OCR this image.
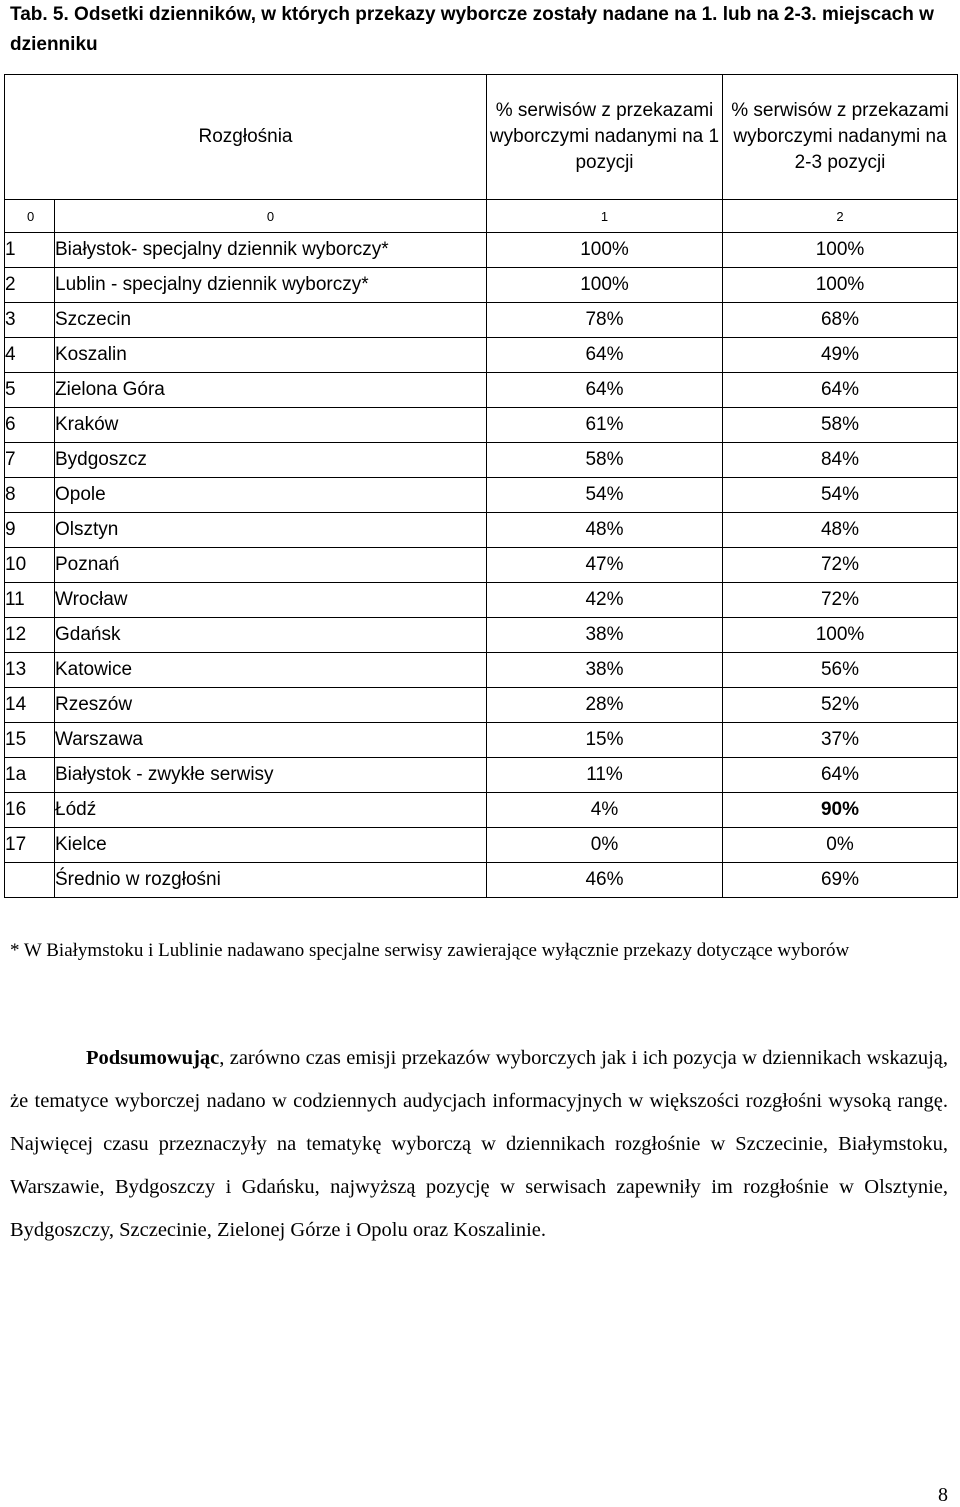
Tab. 5. Odsetki dzienników, w których przekazy wyborcze zostały nadane na 1. lub na 2-3. miejscach w dzienniku

Rozgłośnia		% serwisów z przekazami wyborczymi nadanymi na 1 pozycji	% serwisów z przekazami wyborczymi nadanymi na 2-3 pozycji
0	0	1	2
1	Białystok- specjalny dziennik wyborczy*	100%	100%
2	Lublin - specjalny dziennik wyborczy*	100%	100%
3	Szczecin	78%	68%
4	Koszalin	64%	49%
5	Zielona Góra	64%	64%
6	Kraków	61%	58%
7	Bydgoszcz	58%	84%
8	Opole	54%	54%
9	Olsztyn	48%	48%
10	Poznań	47%	72%
11	Wrocław	42%	72%
12	Gdańsk	38%	100%
13	Katowice	38%	56%
14	Rzeszów	28%	52%
15	Warszawa	15%	37%
1a	Białystok - zwykłe serwisy	11%	64%
16	Łódź	4%	90%
17	Kielce	0%	0%
	Średnio w rozgłośni	46%	69%

* W Białymstoku i Lublinie nadawano specjalne serwisy zawierające wyłącznie przekazy dotyczące wyborów

Podsumowując, zarówno czas emisji przekazów wyborczych jak i ich pozycja w dziennikach wskazują, że tematyce wyborczej nadano w codziennych audycjach informacyjnych w większości rozgłośni wysoką rangę. Najwięcej czasu przeznaczyły na tematykę wyborczą w dziennikach rozgłośnie w Szczecinie, Białymstoku, Warszawie, Bydgoszczy i Gdańsku, najwyższą pozycję w serwisach zapewniły im rozgłośnie w Olsztynie, Bydgoszczy, Szczecinie, Zielonej Górze i Opolu oraz Koszalinie.

8
